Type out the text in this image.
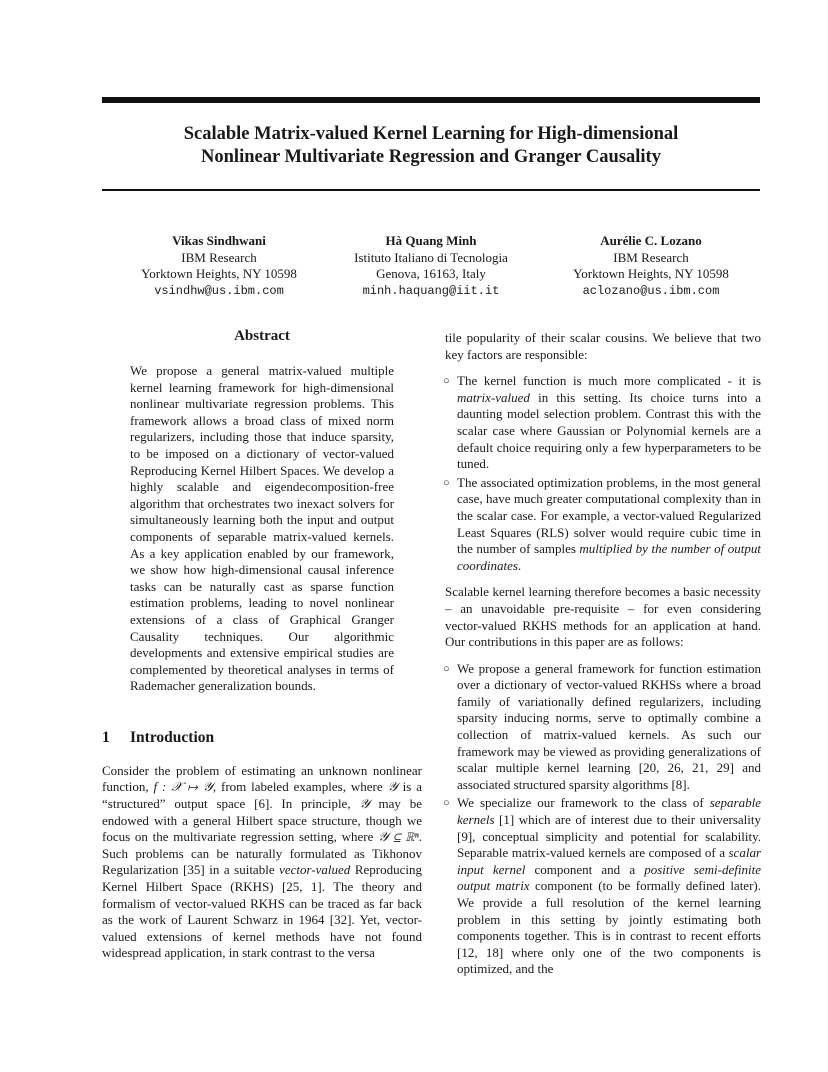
Scalable Matrix-valued Kernel Learning for High-dimensional
Nonlinear Multivariate Regression and Granger Causality
Vikas Sindhwani
IBM Research
Yorktown Heights, NY 10598
vsindhw@us.ibm.com
Hà Quang Minh
Istituto Italiano di Tecnologia
Genova, 16163, Italy
minh.haquang@iit.it
Aurélie C. Lozano
IBM Research
Yorktown Heights, NY 10598
aclozano@us.ibm.com
Abstract

We propose a general matrix-valued multiple kernel learning framework for high-dimensional nonlinear multivariate regression problems. This framework allows a broad class of mixed norm regularizers, including those that induce sparsity, to be imposed on a dictionary of vector-valued Reproducing Kernel Hilbert Spaces. We develop a highly scalable and eigendecomposition-free algorithm that orchestrates two inexact solvers for simultaneously learning both the input and output components of separable matrix-valued kernels. As a key application enabled by our framework, we show how high-dimensional causal inference tasks can be naturally cast as sparse function estimation problems, leading to novel nonlinear extensions of a class of Graphical Granger Causality techniques. Our algorithmic developments and extensive empirical studies are complemented by theoretical analyses in terms of Rademacher generalization bounds.

1 Introduction

Consider the problem of estimating an unknown nonlinear function, f : 𝒳 ↦ 𝒴, from labeled examples, where 𝒴 is a “structured” output space [6]. In principle, 𝒴 may be endowed with a general Hilbert space structure, though we focus on the multivariate regression setting, where 𝒴 ⊆ ℝⁿ. Such problems can be naturally formulated as Tikhonov Regularization [35] in a suitable vector-valued Reproducing Kernel Hilbert Space (RKHS) [25, 1]. The theory and formalism of vector-valued RKHS can be traced as far back as the work of Laurent Schwarz in 1964 [32]. Yet, vector-valued extensions of kernel methods have not found widespread application, in stark contrast to the versa

tile popularity of their scalar cousins. We believe that two key factors are responsible:

○ The kernel function is much more complicated - it is matrix-valued in this setting. Its choice turns into a daunting model selection problem. Contrast this with the scalar case where Gaussian or Polynomial kernels are a default choice requiring only a few hyperparameters to be tuned.
○ The associated optimization problems, in the most general case, have much greater computational complexity than in the scalar case. For example, a vector-valued Regularized Least Squares (RLS) solver would require cubic time in the number of samples multiplied by the number of output coordinates.

Scalable kernel learning therefore becomes a basic necessity – an unavoidable pre-requisite – for even considering vector-valued RKHS methods for an application at hand. Our contributions in this paper are as follows:

○ We propose a general framework for function estimation over a dictionary of vector-valued RKHSs where a broad family of variationally defined regularizers, including sparsity inducing norms, serve to optimally combine a collection of matrix-valued kernels. As such our framework may be viewed as providing generalizations of scalar multiple kernel learning [20, 26, 21, 29] and associated structured sparsity algorithms [8].
○ We specialize our framework to the class of separable kernels [1] which are of interest due to their universality [9], conceptual simplicity and potential for scalability. Separable matrix-valued kernels are composed of a scalar input kernel component and a positive semi-definite output matrix component (to be formally defined later). We provide a full resolution of the kernel learning problem in this setting by jointly estimating both components together. This is in contrast to recent efforts [12, 18] where only one of the two components is optimized, and the
